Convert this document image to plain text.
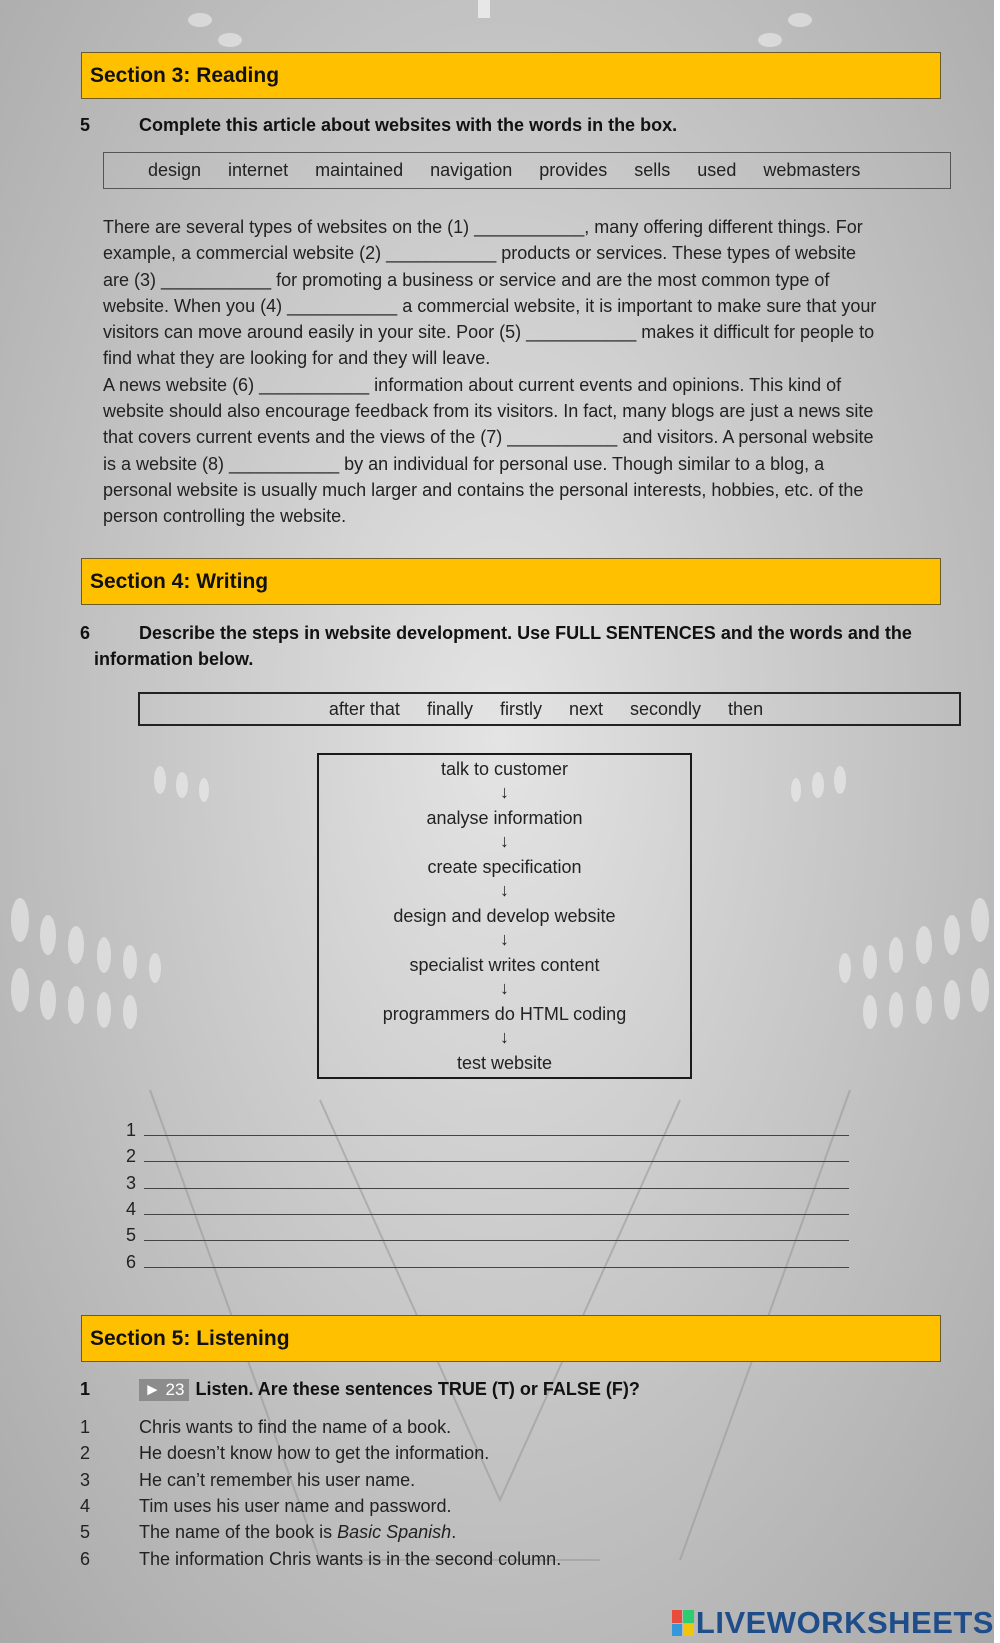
Section 3: Reading
5	Complete this article about websites with the words in the box.
design internet maintained navigation provides sells used webmasters
There are several types of websites on the (1) ___________, many offering different things. For
example, a commercial website (2) ___________ products or services. These types of website
are (3) ___________ for promoting a business or service and are the most common type of
website. When you (4) ___________ a commercial website, it is important to make sure that your
visitors can move around easily in your site. Poor (5) ___________ makes it difficult for people to
find what they are looking for and they will leave.
A news website (6) ___________ information about current events and opinions. This kind of
website should also encourage feedback from its visitors. In fact, many blogs are just a news site
that covers current events and the views of the (7) ___________ and visitors. A personal website
is a website (8) ___________ by an individual for personal use. Though similar to a blog, a
personal website is usually much larger and contains the personal interests, hobbies, etc. of the
person controlling the website.
Section 4: Writing
6	Describe the steps in website development. Use FULL SENTENCES and the words and the
information below.
after that finally firstly next secondly then
talk to customer
↓
analyse information
↓
create specification
↓
design and develop website
↓
specialist writes content
↓
programmers do HTML coding
↓
test website
1
2
3
4
5
6
Section 5: Listening
1	► 23 Listen. Are these sentences TRUE (T) or FALSE (F)?
1	Chris wants to find the name of a book.
2	He doesn’t know how to get the information.
3	He can’t remember his user name.
4	Tim uses his user name and password.
5	The name of the book is Basic Spanish.
6	The information Chris wants is in the second column.
LIVEWORKSHEETS
